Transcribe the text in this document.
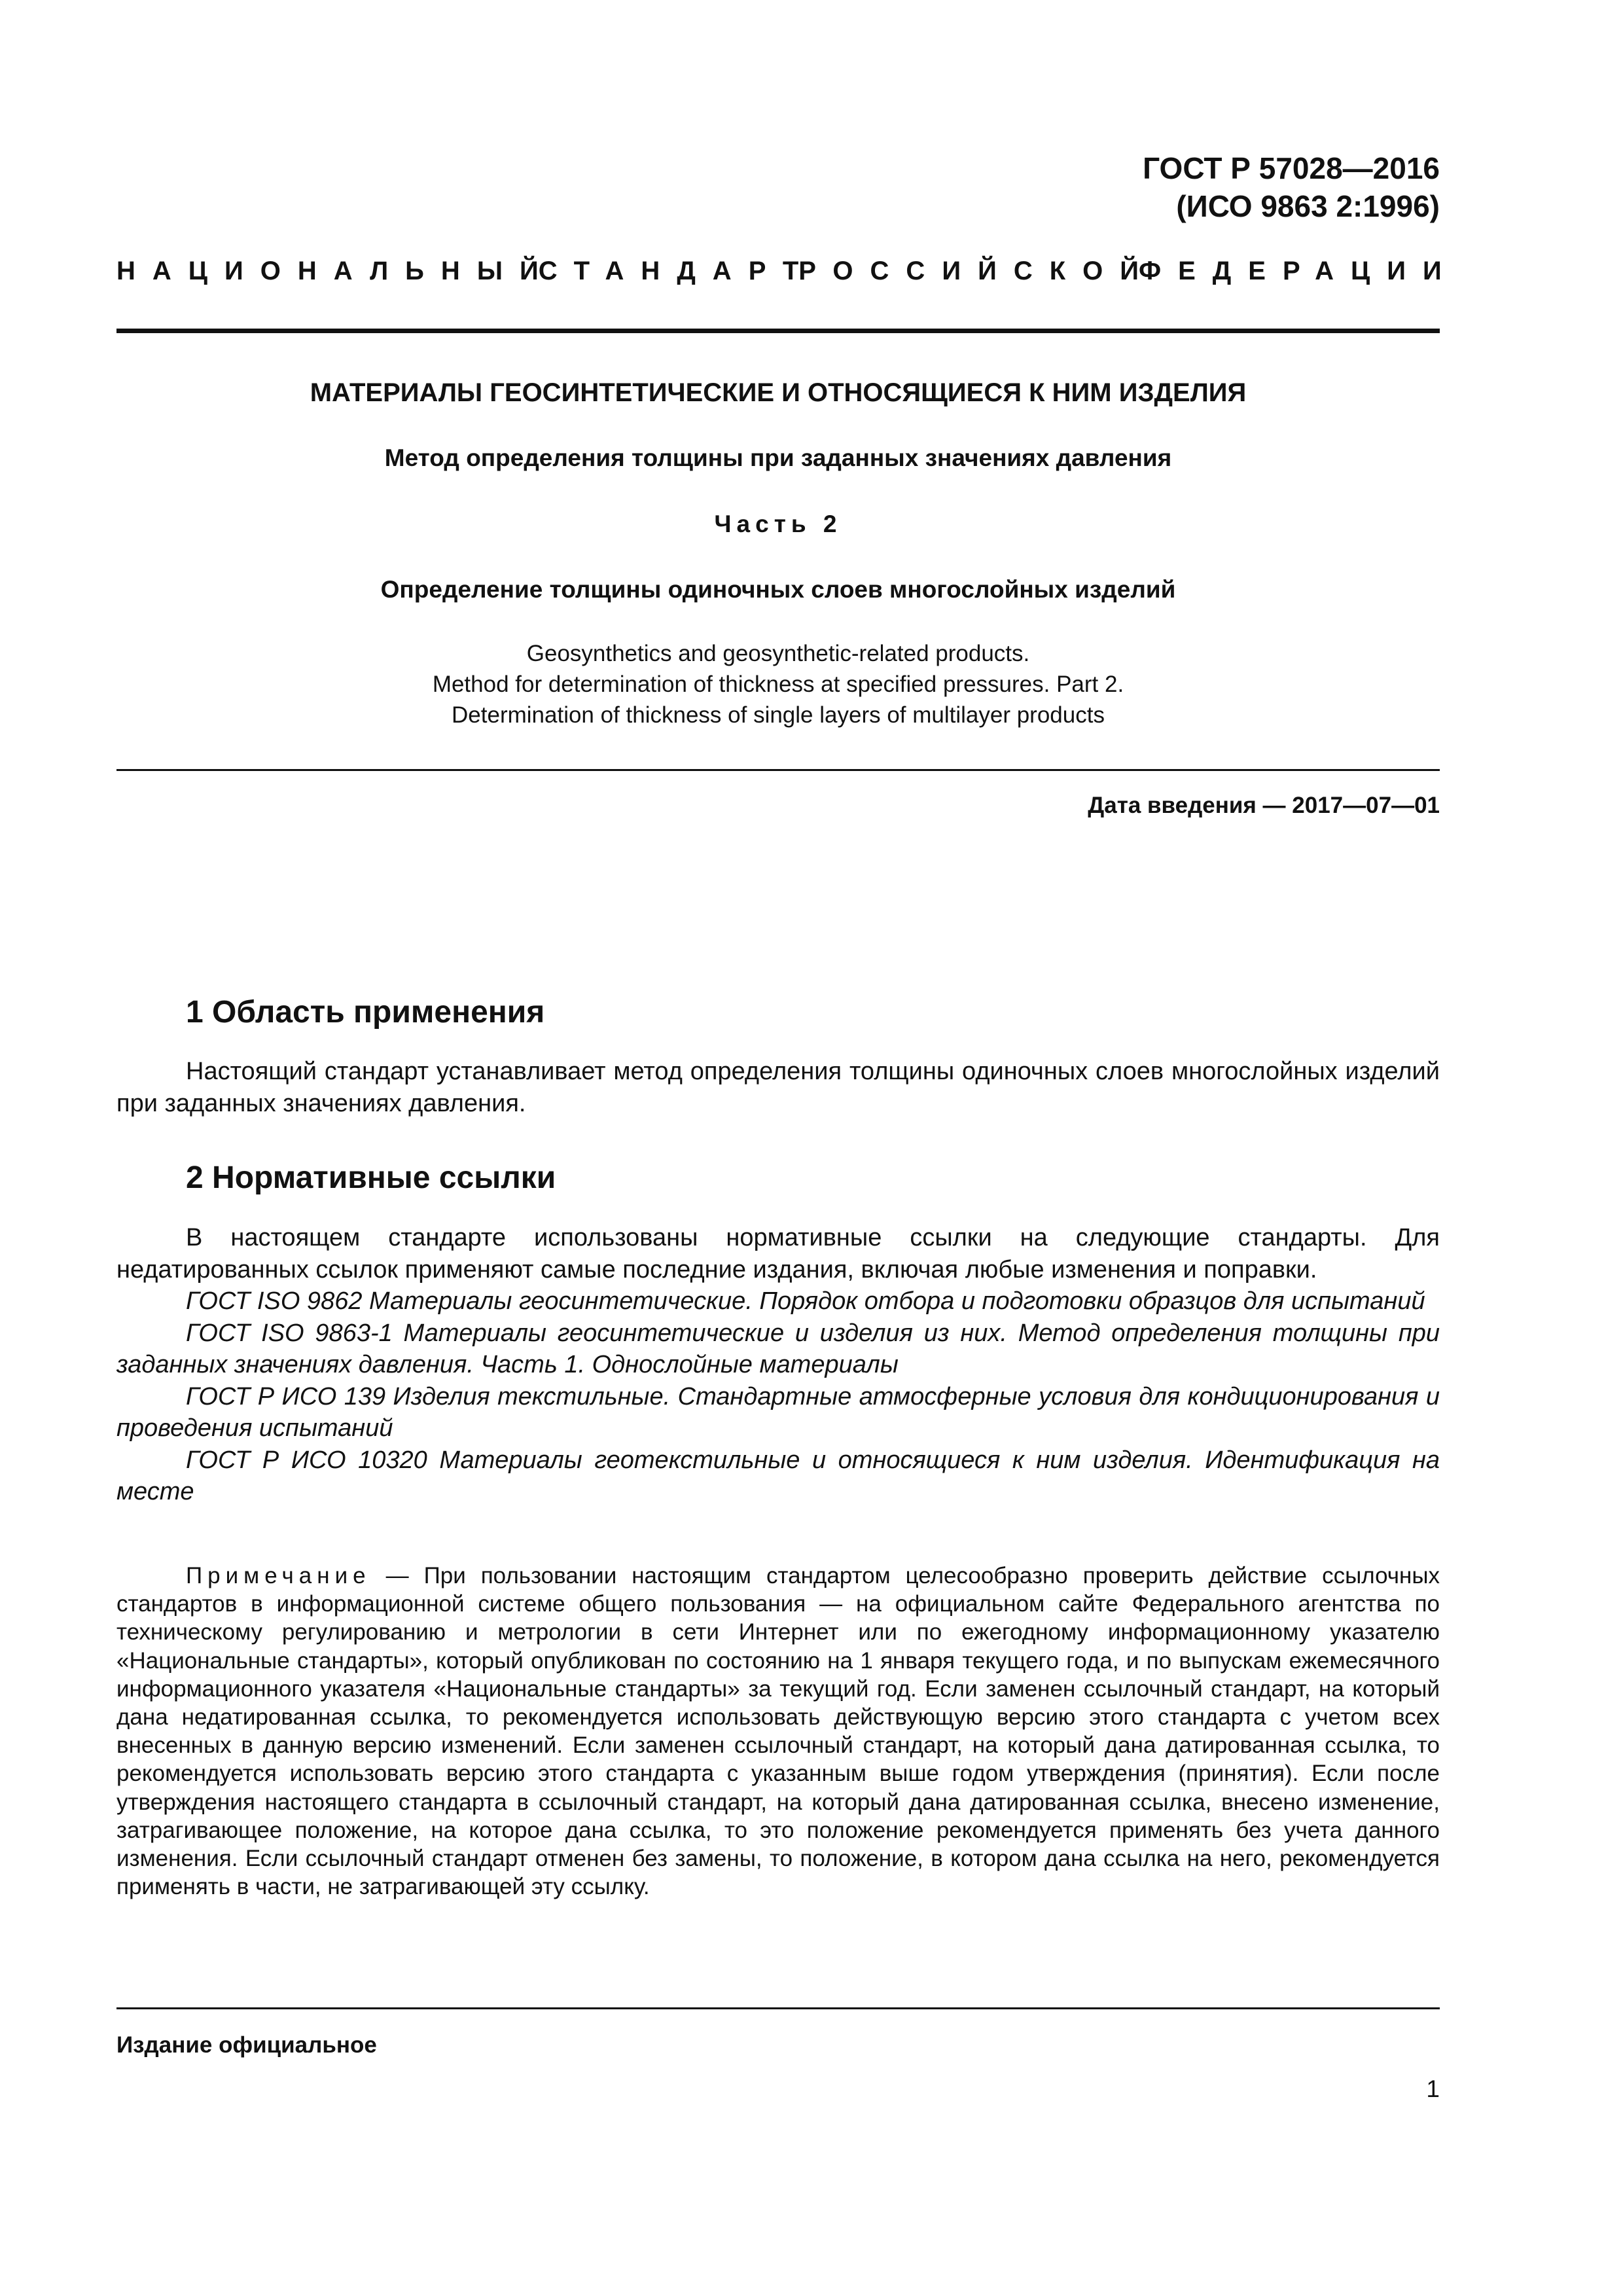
ГОСТ Р 57028—2016
(ИСО 9863 2:1996)
НАЦИОНАЛЬНЫЙ
СТАНДАРТ
РОССИЙСКОЙ
ФЕДЕРАЦИИ
МАТЕРИАЛЫ ГЕОСИНТЕТИЧЕСКИЕ И ОТНОСЯЩИЕСЯ К НИМ ИЗДЕЛИЯ
Метод определения толщины при заданных значениях давления
Часть 2
Определение толщины одиночных слоев многослойных изделий
Geosynthetics and geosynthetic-related products.
Method for determination of thickness at specified pressures. Part 2.
Determination of thickness of single layers of multilayer products
Дата введения — 2017—07—01
1 Область применения

Настоящий стандарт устанавливает метод определения толщины одиночных слоев многослойных изделий при заданных значениях давления.

2 Нормативные ссылки

В настоящем стандарте использованы нормативные ссылки на следующие стандарты. Для недатированных ссылок применяют самые последние издания, включая любые изменения и поправки.

ГОСТ ISO 9862 Материалы геосинтетические. Порядок отбора и подготовки образцов для испытаний

ГОСТ ISO 9863-1 Материалы геосинтетические и изделия из них. Метод определения толщины при заданных значениях давления. Часть 1. Однослойные материалы

ГОСТ Р ИСО 139 Изделия текстильные. Стандартные атмосферные условия для кондиционирования и проведения испытаний

ГОСТ Р ИСО 10320 Материалы геотекстильные и относящиеся к ним изделия. Идентификация на месте

Примечание — При пользовании настоящим стандартом целесообразно проверить действие ссылочных стандартов в информационной системе общего пользования — на официальном сайте Федерального агентства по техническому регулированию и метрологии в сети Интернет или по ежегодному информационному указателю «Национальные стандарты», который опубликован по состоянию на 1 января текущего года, и по выпускам ежемесячного информационного указателя «Национальные стандарты» за текущий год. Если заменен ссылочный стандарт, на который дана недатированная ссылка, то рекомендуется использовать действующую версию этого стандарта с учетом всех внесенных в данную версию изменений. Если заменен ссылочный стандарт, на который дана датированная ссылка, то рекомендуется использовать версию этого стандарта с указанным выше годом утверждения (принятия). Если после утверждения настоящего стандарта в ссылочный стандарт, на который дана датированная ссылка, внесено изменение, затрагивающее положение, на которое дана ссылка, то это положение рекомендуется применять без учета данного изменения. Если ссылочный стандарт отменен без замены, то положение, в котором дана ссылка на него, рекомендуется применять в части, не затрагивающей эту ссылку.

Издание официальное
1
